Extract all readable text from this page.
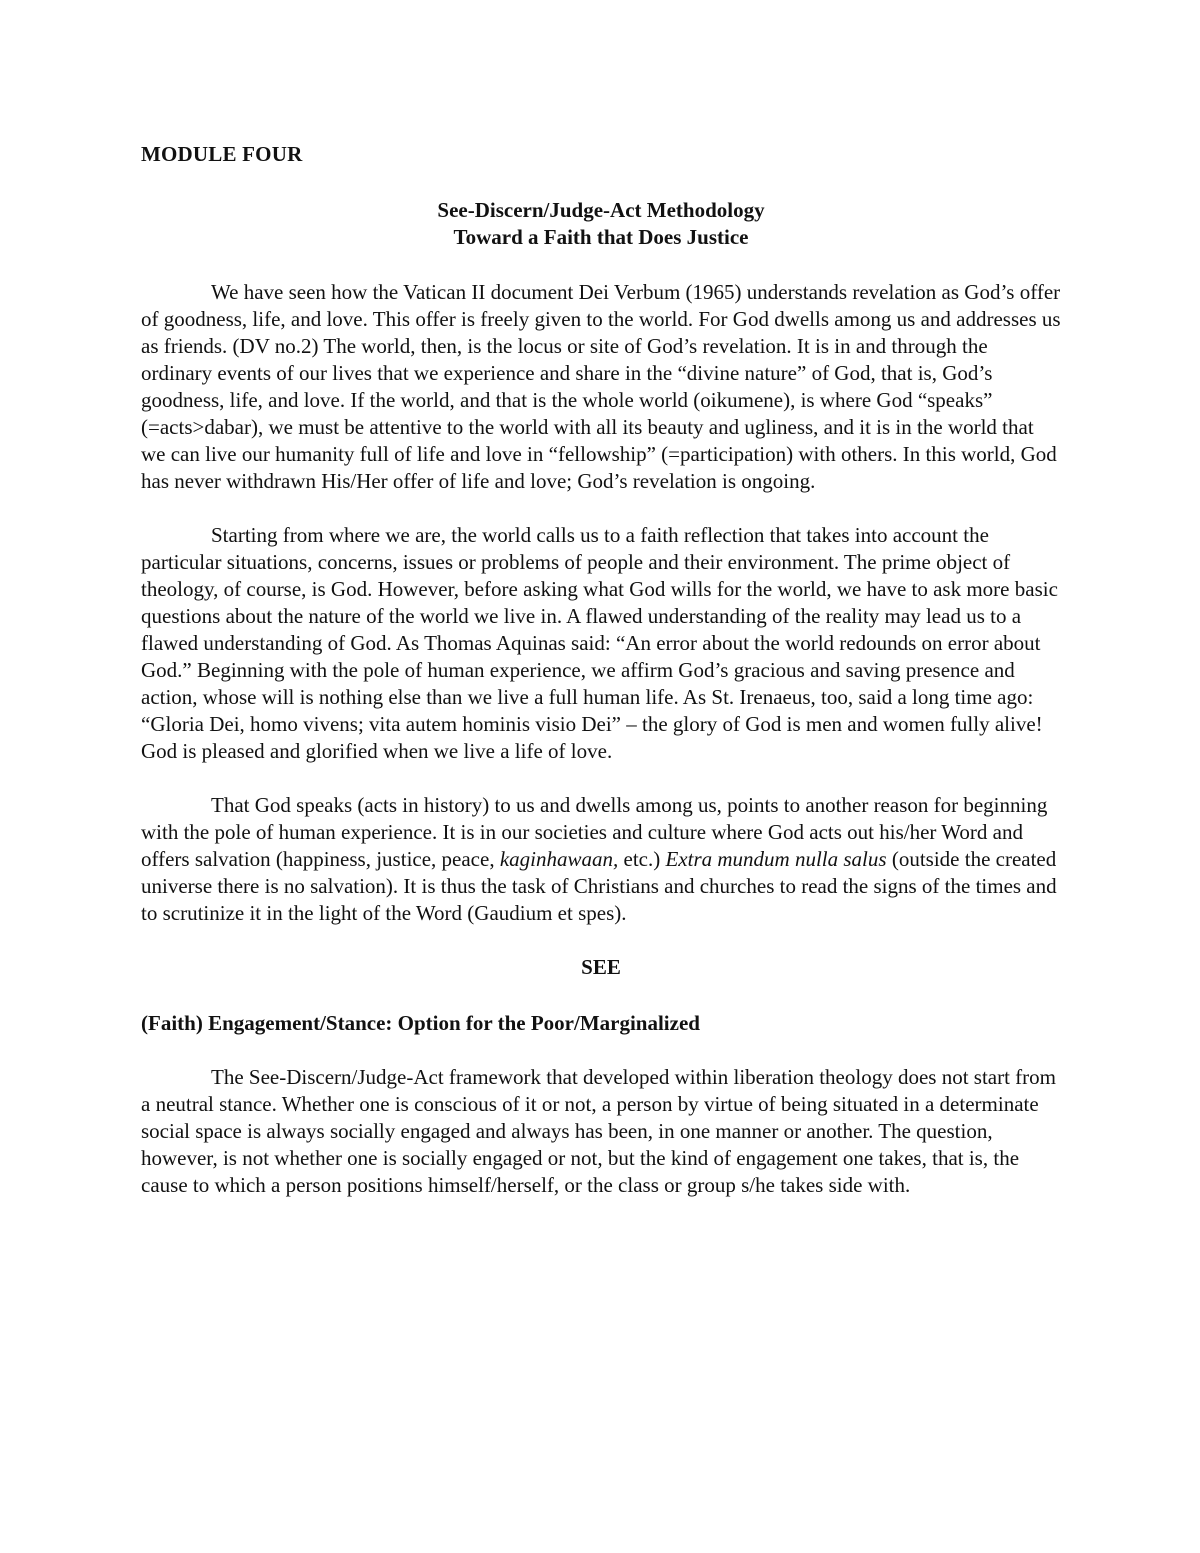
MODULE FOUR
See-Discern/Judge-Act Methodology
Toward a Faith that Does Justice

We have seen how the Vatican II document Dei Verbum (1965) understands revelation as God’s offer of goodness, life, and love. This offer is freely given to the world. For God dwells among us and addresses us as friends. (DV no.2) The world, then, is the locus or site of God’s revelation. It is in and through the ordinary events of our lives that we experience and share in the “divine nature” of God, that is, God’s goodness, life, and love. If the world, and that is the whole world (oikumene), is where God “speaks” (=acts>dabar), we must be attentive to the world with all its beauty and ugliness, and it is in the world that we can live our humanity full of life and love in “fellowship” (=participation) with others. In this world, God has never withdrawn His/Her offer of life and love; God’s revelation is ongoing.

Starting from where we are, the world calls us to a faith reflection that takes into account the particular situations, concerns, issues or problems of people and their environment. The prime object of theology, of course, is God. However, before asking what God wills for the world, we have to ask more basic questions about the nature of the world we live in. A flawed understanding of the reality may lead us to a flawed understanding of God. As Thomas Aquinas said: “An error about the world redounds on error about God.” Beginning with the pole of human experience, we affirm God’s gracious and saving presence and action, whose will is nothing else than we live a full human life. As St. Irenaeus, too, said a long time ago: “Gloria Dei, homo vivens; vita autem hominis visio Dei” – the glory of God is men and women fully alive! God is pleased and glorified when we live a life of love.

That God speaks (acts in history) to us and dwells among us, points to another reason for beginning with the pole of human experience. It is in our societies and culture where God acts out his/her Word and offers salvation (happiness, justice, peace, kaginhawaan, etc.) Extra mundum nulla salus (outside the created universe there is no salvation). It is thus the task of Christians and churches to read the signs of the times and to scrutinize it in the light of the Word (Gaudium et spes).

SEE
(Faith) Engagement/Stance: Option for the Poor/Marginalized

The See-Discern/Judge-Act framework that developed within liberation theology does not start from a neutral stance. Whether one is conscious of it or not, a person by virtue of being situated in a determinate social space is always socially engaged and always has been, in one manner or another. The question, however, is not whether one is socially engaged or not, but the kind of engagement one takes, that is, the cause to which a person positions himself/herself, or the class or group s/he takes side with.
